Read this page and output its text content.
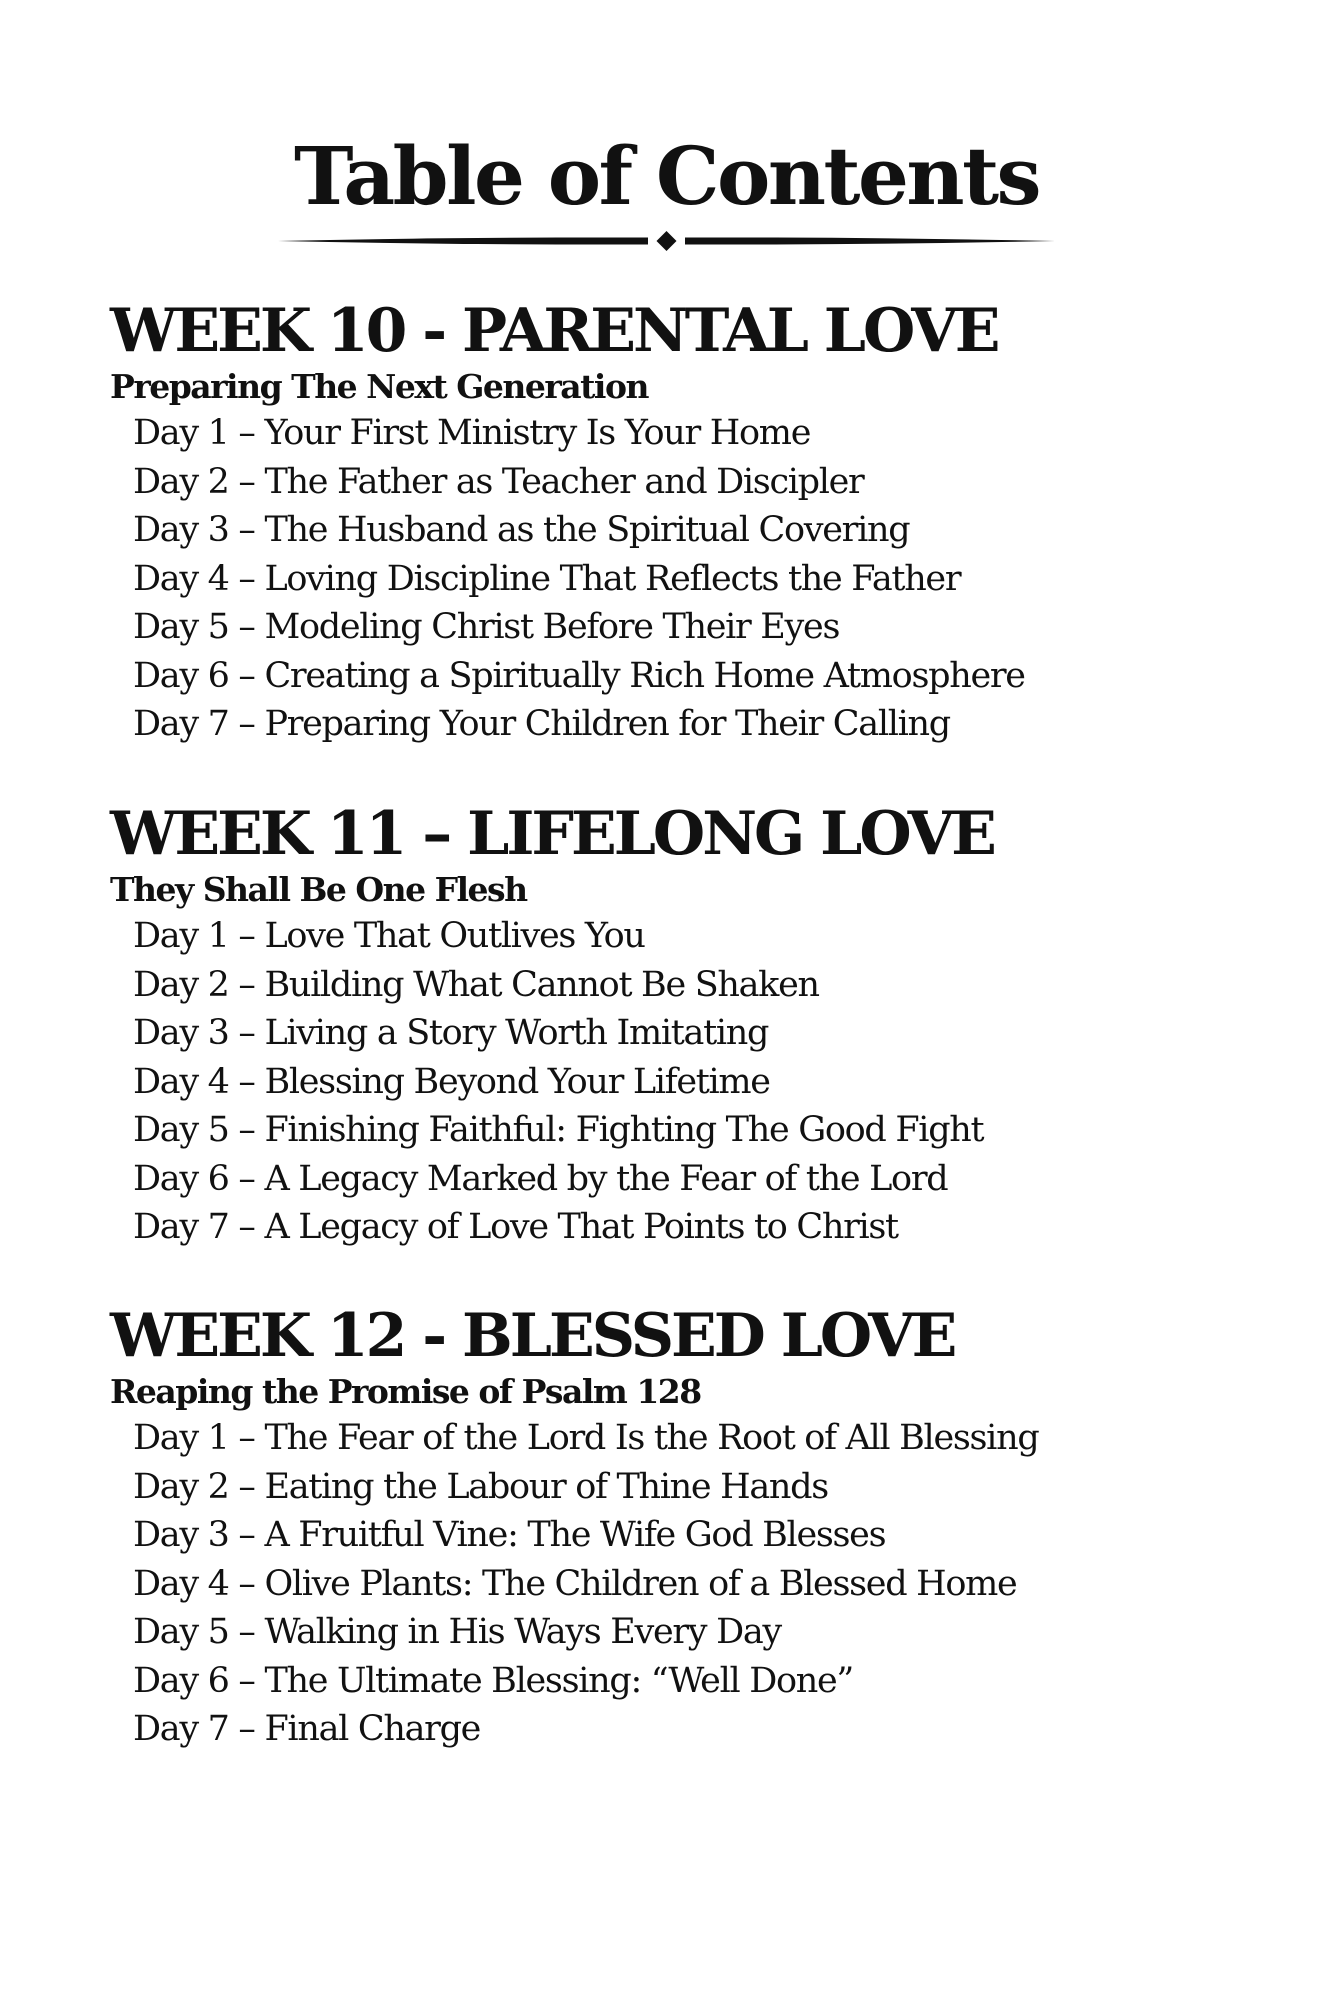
Table of Contents
WEEK 10 - PARENTAL LOVE
Preparing The Next Generation
Day 1 – Your First Ministry Is Your Home
Day 2 – The Father as Teacher and Discipler
Day 3 – The Husband as the Spiritual Covering
Day 4 – Loving Discipline That Reflects the Father
Day 5 – Modeling Christ Before Their Eyes
Day 6 – Creating a Spiritually Rich Home Atmosphere
Day 7 – Preparing Your Children for Their Calling
WEEK 11 – LIFELONG LOVE
They Shall Be One Flesh
Day 1 – Love That Outlives You
Day 2 – Building What Cannot Be Shaken
Day 3 – Living a Story Worth Imitating
Day 4 – Blessing Beyond Your Lifetime
Day 5 – Finishing Faithful: Fighting The Good Fight
Day 6 – A Legacy Marked by the Fear of the Lord
Day 7 – A Legacy of Love That Points to Christ
WEEK 12 - BLESSED LOVE
Reaping the Promise of Psalm 128
Day 1 – The Fear of the Lord Is the Root of All Blessing
Day 2 – Eating the Labour of Thine Hands
Day 3 – A Fruitful Vine: The Wife God Blesses
Day 4 – Olive Plants: The Children of a Blessed Home
Day 5 – Walking in His Ways Every Day
Day 6 – The Ultimate Blessing: “Well Done”
Day 7 – Final Charge
